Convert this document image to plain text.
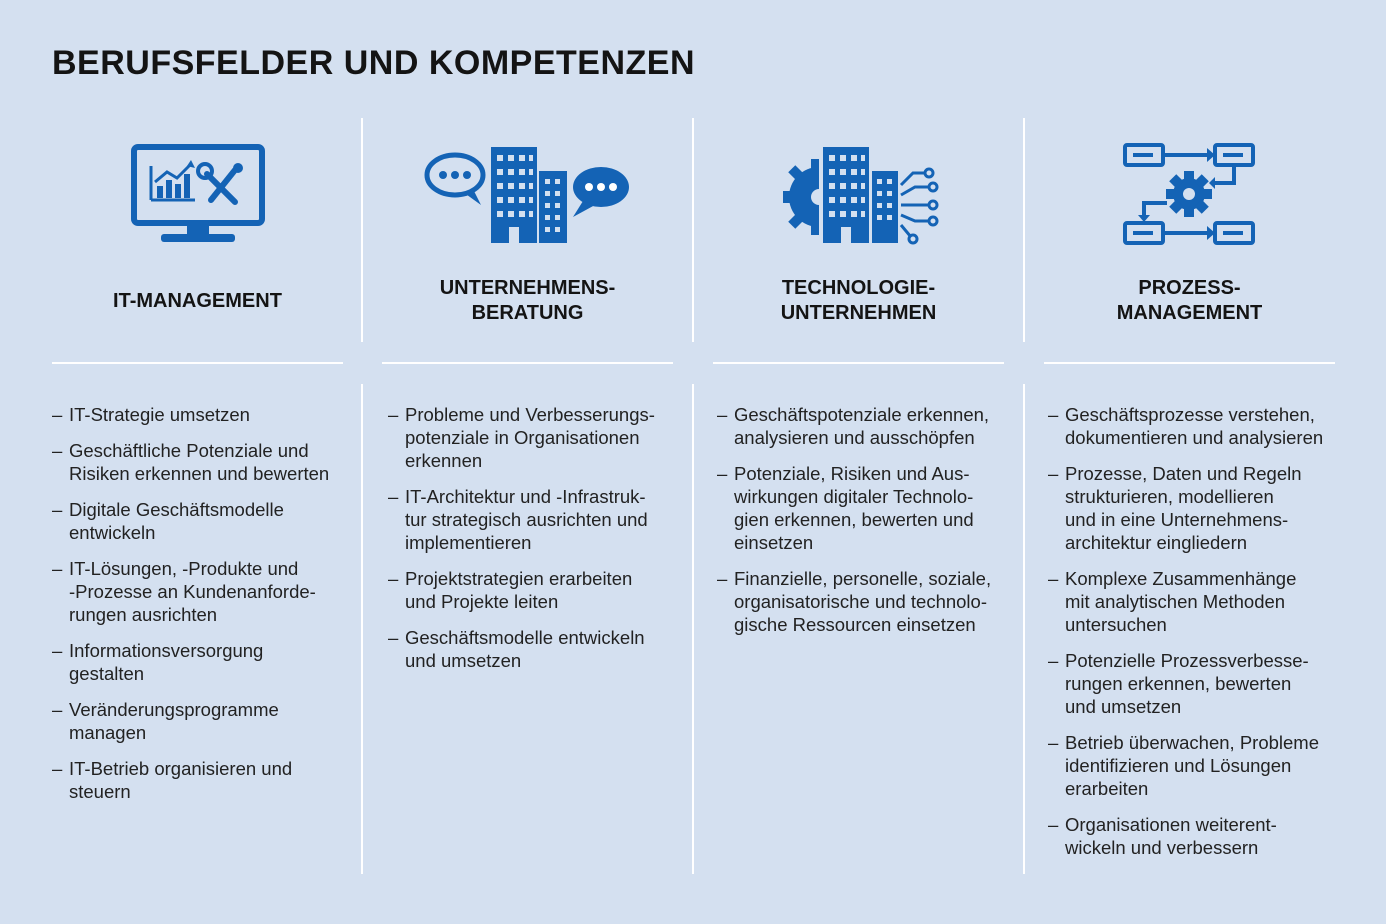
BERUFSFELDER UND KOMPETENZEN
IT-MANAGEMENT
– IT-Strategie umsetzen
– Geschäftliche Potenziale und
Risiken erkennen und bewerten
– Digitale Geschäftsmodelle
entwickeln
– IT-Lösungen, -Produkte und
-Prozesse an Kundenanforde-
rungen ausrichten
– Informationsversorgung
gestalten
– Veränderungsprogramme
managen
– IT-Betrieb organisieren und
steuern
UNTERNEHMENS-
BERATUNG
– Probleme und Verbesserungs-
potenziale in Organisationen
erkennen
– IT-Architektur und -Infrastruk-
tur strategisch ausrichten und
implementieren
– Projektstrategien erarbeiten
und Projekte leiten
– Geschäftsmodelle entwickeln
und umsetzen
TECHNOLOGIE-
UNTERNEHMEN
– Geschäftspotenziale erkennen,
analysieren und ausschöpfen
– Potenziale, Risiken und Aus-
wirkungen digitaler Technolo-
gien erkennen, bewerten und
einsetzen
– Finanzielle, personelle, soziale,
organisatorische und technolo-
gische Ressourcen einsetzen
PROZESS-
MANAGEMENT
– Geschäftsprozesse verstehen,
dokumentieren und analysieren
– Prozesse, Daten und Regeln
strukturieren, modellieren
und in eine Unternehmens-
architektur eingliedern
– Komplexe Zusammenhänge
mit analytischen Methoden
untersuchen
– Potenzielle Prozessverbesse-
rungen erkennen, bewerten
und umsetzen
– Betrieb überwachen, Probleme
identifizieren und Lösungen
erarbeiten
– Organisationen weiterent-
wickeln und verbessern
